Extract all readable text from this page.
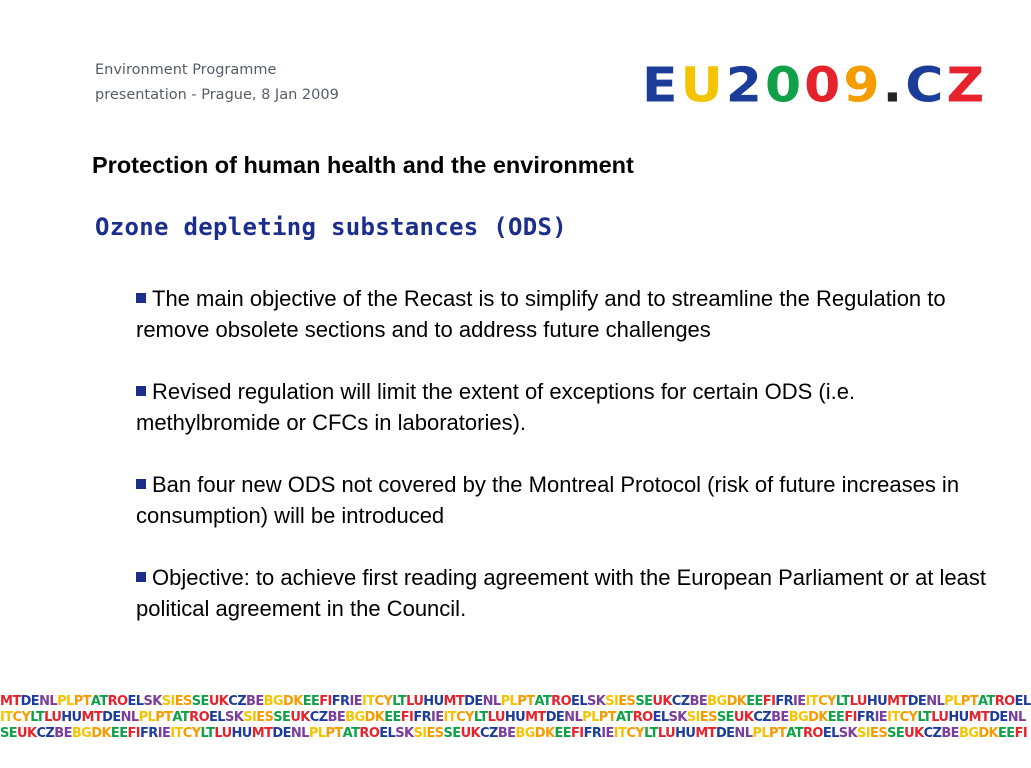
Environment Programme
presentation - Prague, 8 Jan 2009	E U 2 0 0 9 . C Z
Protection of human health and the environment
Ozone depleting substances (ODS)
The main objective of the Recast is to simplify and to streamline the Regulation to remove obsolete sections and to address future challenges
Revised regulation will limit the extent of exceptions for certain ODS (i.e. methylbromide or CFCs in laboratories).
Ban four new ODS not covered by the Montreal Protocol (risk of future increases in consumption) will be introduced
Objective: to achieve first reading agreement with the European Parliament or at least political agreement in the Council.
MTDENLPLPTATROELSKSIESSEUKCZBEBGDKEEFIFRIEITCYLTLUHUMTDENLPLPTATROELSKSIESSEUKCZBEBGDKEEFIFRIEITCYLTLUHUMTDENLPLPTATROEL
ITCYLTLUHUMTDENLPLPTATROELSKSIESSEUKCZBEBGDKEEFIFRIEITCYLTLUHUMTDENLPLPTATROELSKSIESSEUKCZBEBGDKEEFIFRIEITCYLTLUHUMTDENL
SEUKCZBEBGDKEEFIFRIEITCYLTLUHUMTDENLPLPTATROELSKSIESSEUKCZBEBGDKEEFIFRIEITCYLTLUHUMTDENLPLPTATROELSKSIESSEUKCZBEBGDKEEFI
